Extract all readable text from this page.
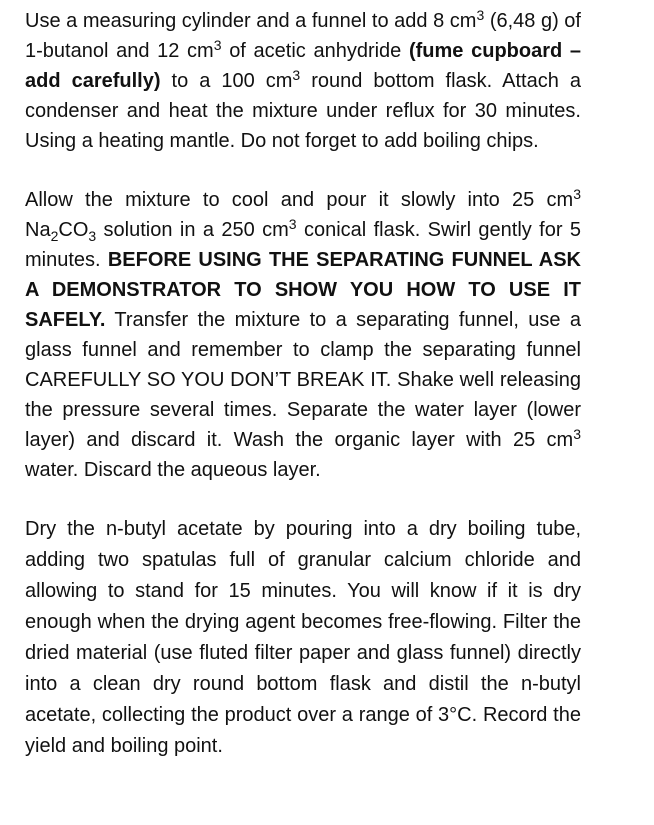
Use a measuring cylinder and a funnel to add 8 $cm^3$ (6,48 g) of 1-butanol and 12 $cm^3$ of acetic anhydride (fume cupboard – add carefully) to a 100 $cm^3$ round bottom flask. Attach a condenser and heat the mixture under reflux for 30 minutes. Using a heating mantle. Do not forget to add boiling chips.

Allow the mixture to cool and pour it slowly into 25 $cm^3$ $Na_2CO_3$ solution in a 250 $cm^3$ conical flask. Swirl gently for 5 minutes. BEFORE USING THE SEPARATING FUNNEL ASK A DEMONSTRATOR TO SHOW YOU HOW TO USE IT SAFELY. Transfer the mixture to a separating funnel, use a glass funnel and remember to clamp the separating funnel CAREFULLY SO YOU DON’T BREAK IT. Shake well releasing the pressure several times. Separate the water layer (lower layer) and discard it. Wash the organic layer with 25 $cm^3$ water. Discard the aqueous layer.

Dry the n-butyl acetate by pouring into a dry boiling tube, adding two spatulas full of granular calcium chloride and allowing to stand for 15 minutes. You will know if it is dry enough when the drying agent becomes free-flowing. Filter the dried material (use fluted filter paper and glass funnel) directly into a clean dry round bottom flask and distil the n-butyl acetate, collecting the product over a range of 3°C. Record the yield and boiling point.
